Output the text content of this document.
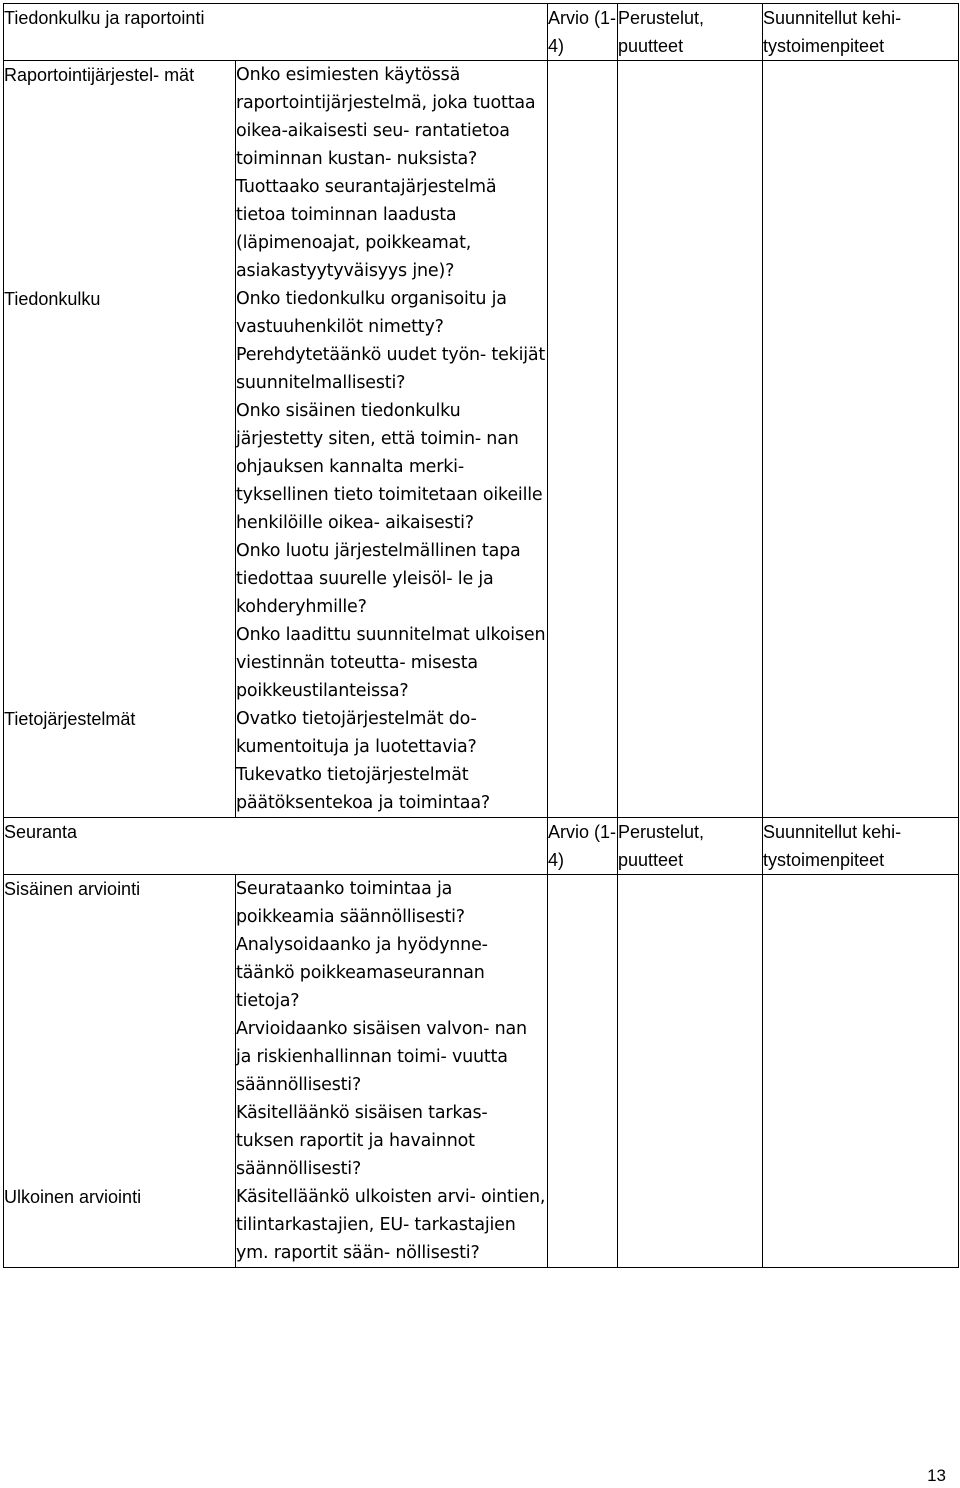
Tiedonkulku ja raportointi		Arvio (1-4)	Perustelut, puutteet	Suunnitellut kehi- tystoimenpiteet
Raportointijärjestel- mät	Onko esimiesten käytössä raportointijärjestelmä, joka tuottaa oikea-aikaisesti seu- rantatietoa toiminnan kustan- nuksista?			
	Tuottaako seurantajärjestelmä tietoa toiminnan laadusta (läpimenoajat, poikkeamat, asiakastyytyväisyys jne)?			
Tiedonkulku	Onko tiedonkulku organisoitu ja vastuuhenkilöt nimetty?			
	Perehdytetäänkö uudet työn- tekijät suunnitelmallisesti?			
	Onko sisäinen tiedonkulku järjestetty siten, että toimin- nan ohjauksen kannalta merki- tyksellinen tieto toimitetaan oikeille henkilöille oikea- aikaisesti?			
	Onko luotu järjestelmällinen tapa tiedottaa suurelle yleisöl- le ja kohderyhmille?			
	Onko laadittu suunnitelmat ulkoisen viestinnän toteutta- misesta poikkeustilanteissa?			
Tietojärjestelmät	Ovatko tietojärjestelmät do- kumentoituja ja luotettavia?			
	Tukevatko tietojärjestelmät päätöksentekoa ja toimintaa?			
Seuranta		Arvio (1-4)	Perustelut, puutteet	Suunnitellut kehi- tystoimenpiteet
Sisäinen arviointi	Seurataanko toimintaa ja poikkeamia säännöllisesti?			
	Analysoidaanko ja hyödynne- täänkö poikkeamaseurannan tietoja?			
	Arvioidaanko sisäisen valvon- nan ja riskienhallinnan toimi- vuutta säännöllisesti?			
	Käsitelläänkö sisäisen tarkas- tuksen raportit ja havainnot säännöllisesti?			
Ulkoinen arviointi	Käsitelläänkö ulkoisten arvi- ointien, tilintarkastajien, EU- tarkastajien ym. raportit sään- nöllisesti?			
13
